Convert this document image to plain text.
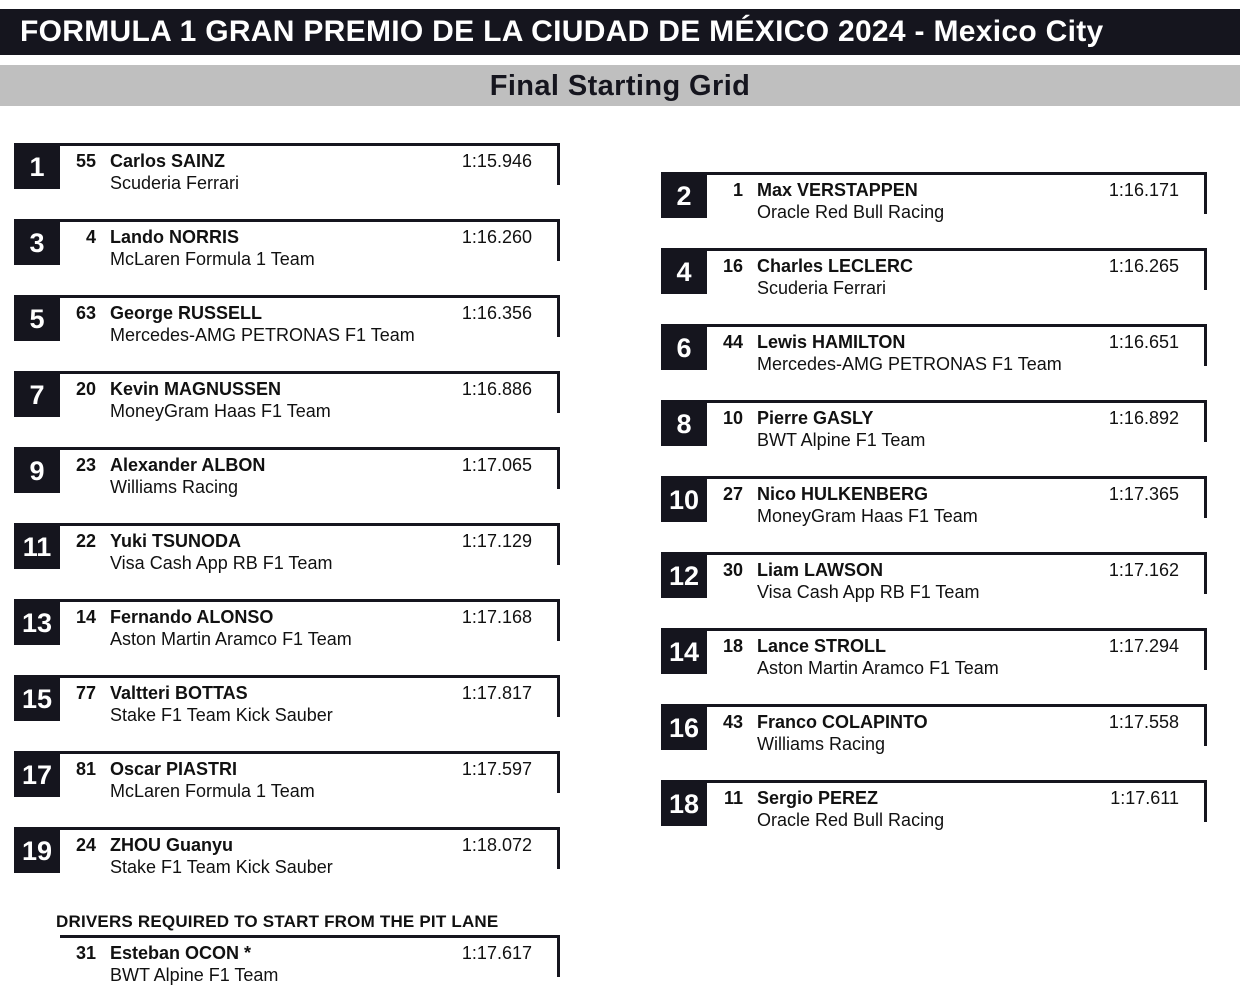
FORMULA 1 GRAN PREMIO DE LA CIUDAD DE MÉXICO 2024 - Mexico City
Final Starting Grid
1	55 Carlos SAINZ
Scuderia Ferrari
1:15.946
3	4 Lando NORRIS
McLaren Formula 1 Team
1:16.260
5	63 George RUSSELL
Mercedes-AMG PETRONAS F1 Team
1:16.356
7	20 Kevin MAGNUSSEN
MoneyGram Haas F1 Team
1:16.886
9	23 Alexander ALBON
Williams Racing
1:17.065
11	22 Yuki TSUNODA
Visa Cash App RB F1 Team
1:17.129
13	14 Fernando ALONSO
Aston Martin Aramco F1 Team
1:17.168
15	77 Valtteri BOTTAS
Stake F1 Team Kick Sauber
1:17.817
17	81 Oscar PIASTRI
McLaren Formula 1 Team
1:17.597
19	24 ZHOU Guanyu
Stake F1 Team Kick Sauber
1:18.072
2	1 Max VERSTAPPEN
Oracle Red Bull Racing
1:16.171
4	16 Charles LECLERC
Scuderia Ferrari
1:16.265
6	44 Lewis HAMILTON
Mercedes-AMG PETRONAS F1 Team
1:16.651
8	10 Pierre GASLY
BWT Alpine F1 Team
1:16.892
10	27 Nico HULKENBERG
MoneyGram Haas F1 Team
1:17.365
12	30 Liam LAWSON
Visa Cash App RB F1 Team
1:17.162
14	18 Lance STROLL
Aston Martin Aramco F1 Team
1:17.294
16	43 Franco COLAPINTO
Williams Racing
1:17.558
18	11 Sergio PEREZ
Oracle Red Bull Racing
1:17.611
DRIVERS REQUIRED TO START FROM THE PIT LANE
31 Esteban OCON *
BWT Alpine F1 Team
1:17.617
